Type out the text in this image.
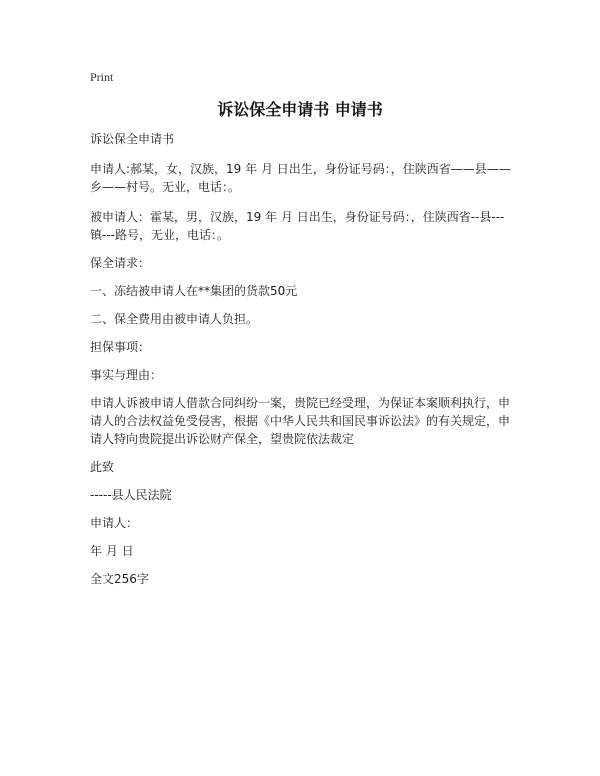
Print
诉讼保全申请书 申请书

诉讼保全申请书

申请人:郝某，女，汉族，19 年 月 日出生，身份证号码：，住陕西省——县——乡——村号。无业，电话：。

被申请人：霍某，男，汉族，19 年 月 日出生，身份证号码：，住陕西省--县---镇---路号，无业，电话：。

保全请求：

一、冻结被申请人在**集团的货款50元

二、保全费用由被申请人负担。

担保事项：

事实与理由：

申请人诉被申请人借款合同纠纷一案，贵院已经受理，为保证本案顺利执行，申请人的合法权益免受侵害，根据《中华人民共和国民事诉讼法》的有关规定，申请人特向贵院提出诉讼财产保全，望贵院依法裁定

此致

-----县人民法院

申请人：

年 月 日

全文256字
